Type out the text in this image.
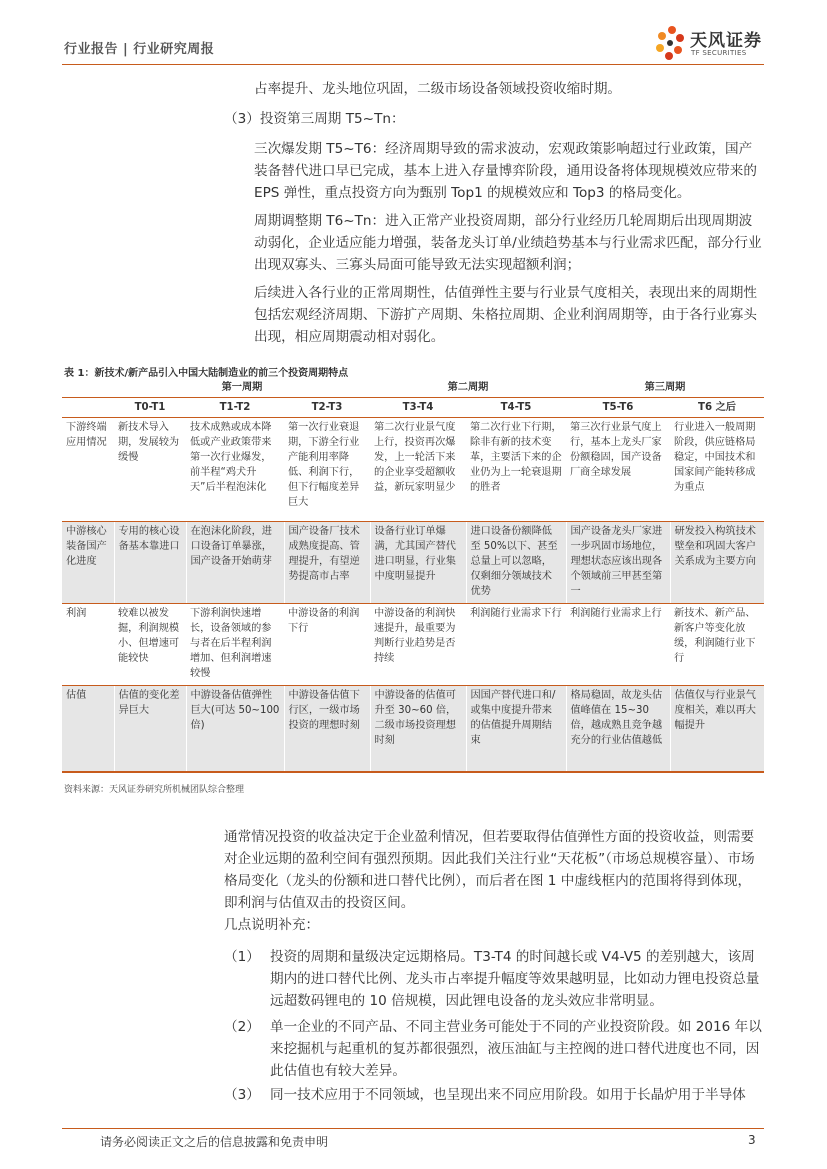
行业报告 | 行业研究周报	天风证券
TF SECURITIES

占率提升、龙头地位巩固，二级市场设备领域投资收缩时期。

（3）投资第三周期 T5~Tn：

三次爆发期 T5~T6：经济周期导致的需求波动，宏观政策影响超过行业政策，国产装备替代进口早已完成，基本上进入存量博弈阶段，通用设备将体现规模效应带来的 EPS 弹性，重点投资方向为甄别 Top1 的规模效应和 Top3 的格局变化。

周期调整期 T6~Tn：进入正常产业投资周期，部分行业经历几轮周期后出现周期波动弱化，企业适应能力增强，装备龙头订单/业绩趋势基本与行业需求匹配，部分行业出现双寡头、三寡头局面可能导致无法实现超额利润；

后续进入各行业的正常周期性，估值弹性主要与行业景气度相关，表现出来的周期性包括宏观经济周期、下游扩产周期、朱格拉周期、企业利润周期等，由于各行业寡头出现，相应周期震动相对弱化。

表 1：新技术/新产品引入中国大陆制造业的前三个投资周期特点
	第一周期			第二周期		第三周期	
	T0-T1	T1-T2	T2-T3	T3-T4	T4-T5	T5-T6	T6 之后
下游终端应用情况	新技术导入期，发展较为缓慢	技术成熟或成本降低或产业政策带来第一次行业爆发，前半程“鸡犬升天”后半程泡沫化	第一次行业衰退期，下游全行业产能利用率降低、利润下行，但下行幅度差异巨大	第二次行业景气度上行，投资再次爆发，上一轮活下来的企业享受超额收益，新玩家明显少	第二次行业下行期，除非有新的技术变革，主要活下来的企业仍为上一轮衰退期的胜者	第三次行业景气度上行，基本上龙头厂家份额稳固，国产设备厂商全球发展	行业进入一般周期阶段，供应链格局稳定，中国技术和国家间产能转移成为重点
中游核心装备国产化进度	专用的核心设备基本靠进口	在泡沫化阶段，进口设备订单暴涨，国产设备开始萌芽	国产设备厂技术成熟度提高、管理提升，有望逆势提高市占率	设备行业订单爆满，尤其国产替代进口明显，行业集中度明显提升	进口设备份额降低至 50%以下、甚至总量上可以忽略，仅剩细分领域技术优势	国产设备龙头厂家进一步巩固市场地位，理想状态应该出现各个领域前三甲甚至第一	研发投入构筑技术壁垒和巩固大客户关系成为主要方向
利润	较难以被发掘，利润规模小、但增速可能较快	下游利润快速增长，设备领域的参与者在后半程利润增加、但利润增速较慢	中游设备的利润下行	中游设备的利润快速提升，最重要为判断行业趋势是否持续	利润随行业需求下行	利润随行业需求上行	新技术、新产品、新客户等变化放缓，利润随行业下行
估值	估值的变化差异巨大	中游设备估值弹性巨大(可达 50~100 倍)	中游设备估值下行区，一级市场投资的理想时刻	中游设备的估值可升至 30~60 倍，二级市场投资理想时刻	因国产替代进口和/或集中度提升带来的估值提升周期结束	格局稳固，故龙头估值峰值在 15~30 倍，越成熟且竞争越充分的行业估值越低	估值仅与行业景气度相关，难以再大幅提升
资料来源：天风证券研究所机械团队综合整理

通常情况投资的收益决定于企业盈利情况，但若要取得估值弹性方面的投资收益，则需要对企业远期的盈利空间有强烈预期。因此我们关注行业“天花板”（市场总规模容量）、市场格局变化（龙头的份额和进口替代比例），而后者在图 1 中虚线框内的范围将得到体现，即利润与估值双击的投资区间。

几点说明补充：

（1） 投资的周期和量级决定远期格局。T3-T4 的时间越长或 V4-V5 的差别越大，该周期内的进口替代比例、龙头市占率提升幅度等效果越明显，比如动力锂电投资总量远超数码锂电的 10 倍规模，因此锂电设备的龙头效应非常明显。
（2） 单一企业的不同产品、不同主营业务可能处于不同的产业投资阶段。如 2016 年以来挖掘机与起重机的复苏都很强烈，液压油缸与主控阀的进口替代进度也不同，因此估值也有较大差异。
（3） 同一技术应用于不同领域，也呈现出来不同应用阶段。如用于长晶炉用于半导体
请务必阅读正文之后的信息披露和免责申明	3
